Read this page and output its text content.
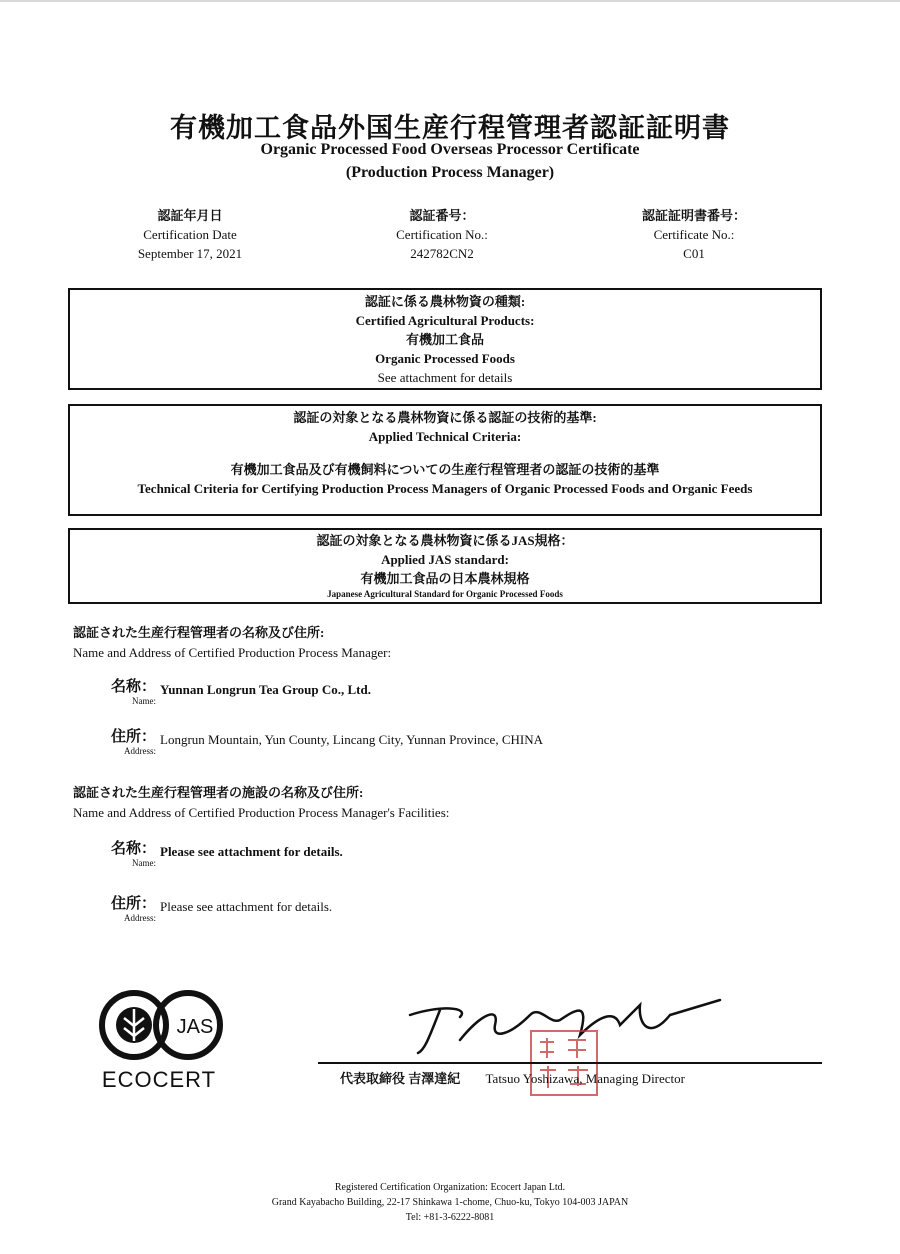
有機加工食品外国生産行程管理者認証証明書
Organic Processed Food Overseas Processor Certificate
(Production Process Manager)
認証年月日
Certification Date
September 17, 2021
認証番号：
Certification No.:
242782CN2
認証証明書番号：
Certificate No.:
C01
認証に係る農林物資の種類:
Certified Agricultural Products:
有機加工食品
Organic Processed Foods
See attachment for details
認証の対象となる農林物資に係る認証の技術的基準:
Applied Technical Criteria:
有機加工食品及び有機飼料についての生産行程管理者の認証の技術的基準
Technical Criteria for Certifying Production Process Managers of Organic Processed Foods and Organic Feeds
認証の対象となる農林物資に係るJAS規格：
Applied JAS standard:
有機加工食品の日本農林規格
Japanese Agricultural Standard for Organic Processed Foods
認証された生産行程管理者の名称及び住所:
Name and Address of Certified Production Process Manager:
名称：
Name:
Yunnan Longrun Tea Group Co., Ltd.
住所：
Address:
Longrun Mountain, Yun County, Lincang City, Yunnan Province, CHINA
認証された生産行程管理者の施設の名称及び住所:
Name and Address of Certified Production Process Manager's Facilities:
名称：
Name:
Please see attachment for details.
住所：
Address:
Please see attachment for details.
JAS
ECOCERT	代表取締役 吉澤達紀 Tatsuo Yoshizawa, Managing Director
Registered Certification Organization: Ecocert Japan Ltd.
Grand Kayabacho Building, 22-17 Shinkawa 1-chome, Chuo-ku, Tokyo 104-003 JAPAN
Tel: +81-3-6222-8081
